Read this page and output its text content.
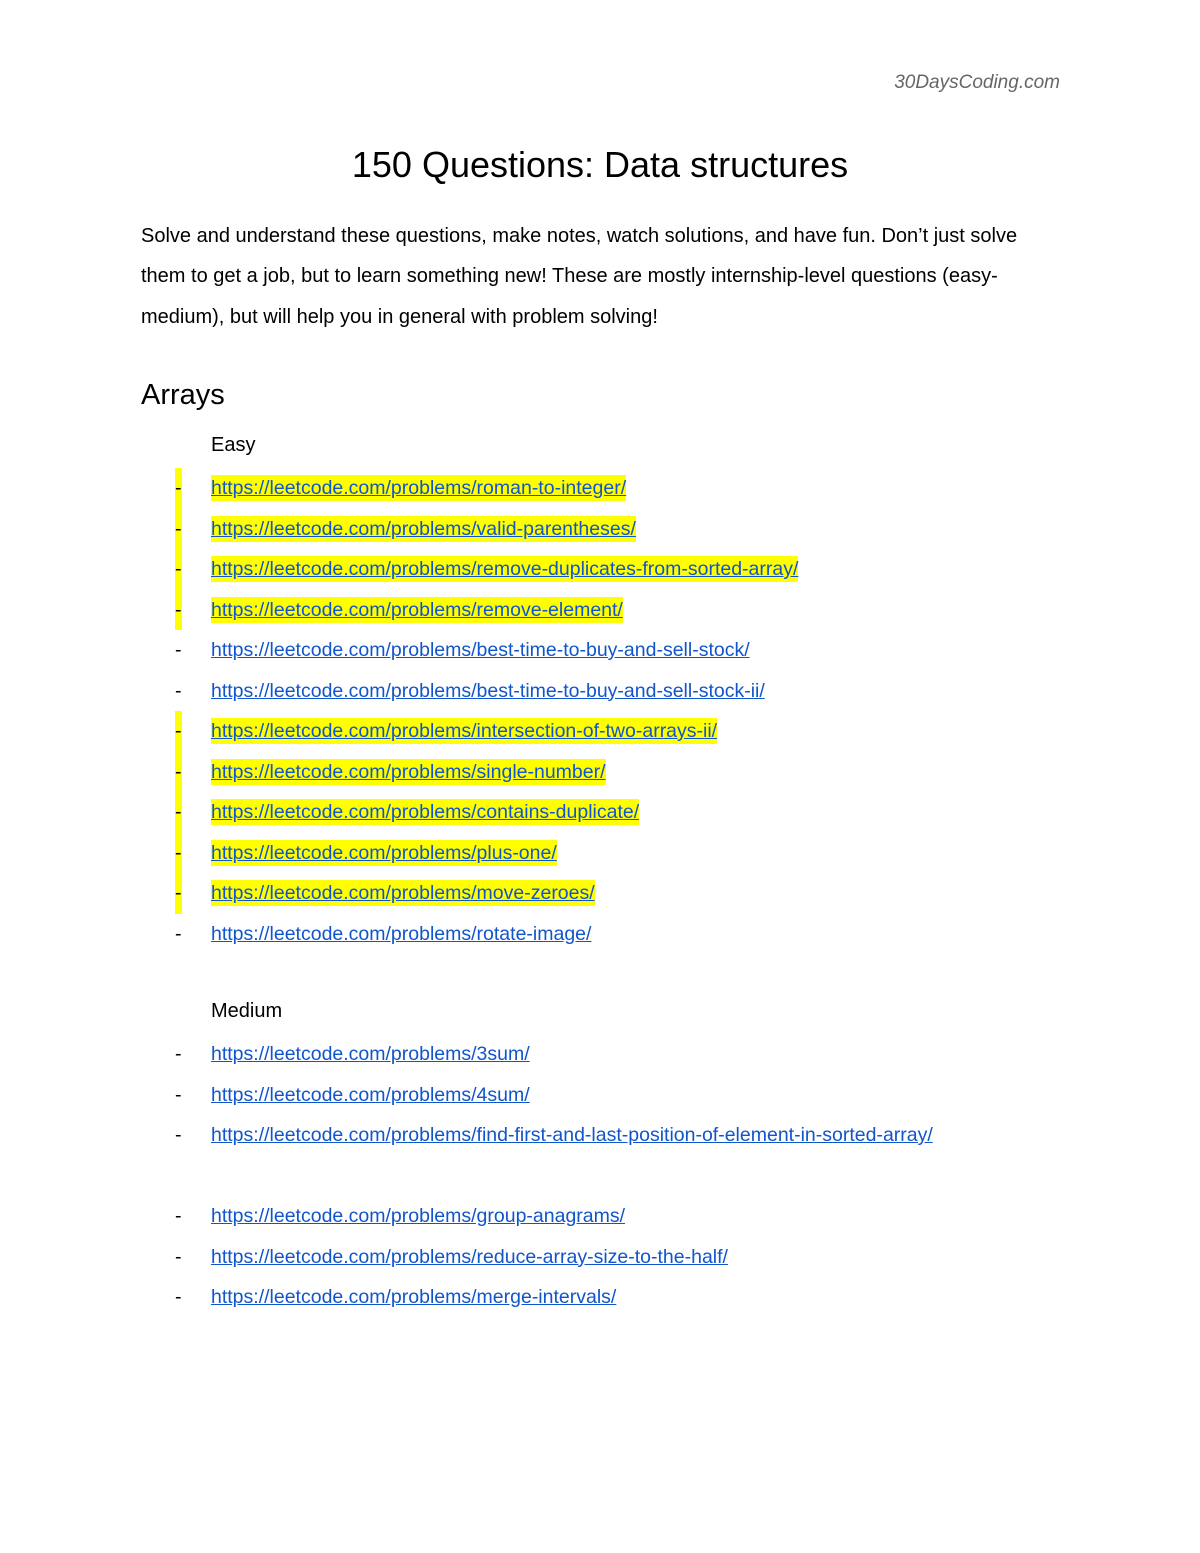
30DaysCoding.com
150 Questions: Data structures

Solve and understand these questions, make notes, watch solutions, and have fun. Don’t just solve them to get a job, but to learn something new! These are mostly internship-level questions (easy-medium), but will help you in general with problem solving!

Arrays
Easy
- https://leetcode.com/problems/roman-to-integer/
- https://leetcode.com/problems/valid-parentheses/
- https://leetcode.com/problems/remove-duplicates-from-sorted-array/
- https://leetcode.com/problems/remove-element/
- https://leetcode.com/problems/best-time-to-buy-and-sell-stock/
- https://leetcode.com/problems/best-time-to-buy-and-sell-stock-ii/
- https://leetcode.com/problems/intersection-of-two-arrays-ii/
- https://leetcode.com/problems/single-number/
- https://leetcode.com/problems/contains-duplicate/
- https://leetcode.com/problems/plus-one/
- https://leetcode.com/problems/move-zeroes/
- https://leetcode.com/problems/rotate-image/
Medium
- https://leetcode.com/problems/3sum/
- https://leetcode.com/problems/4sum/
- https://leetcode.com/problems/find-first-and-last-position-of-element-in-sorted-array/
- https://leetcode.com/problems/group-anagrams/
- https://leetcode.com/problems/reduce-array-size-to-the-half/
- https://leetcode.com/problems/merge-intervals/
